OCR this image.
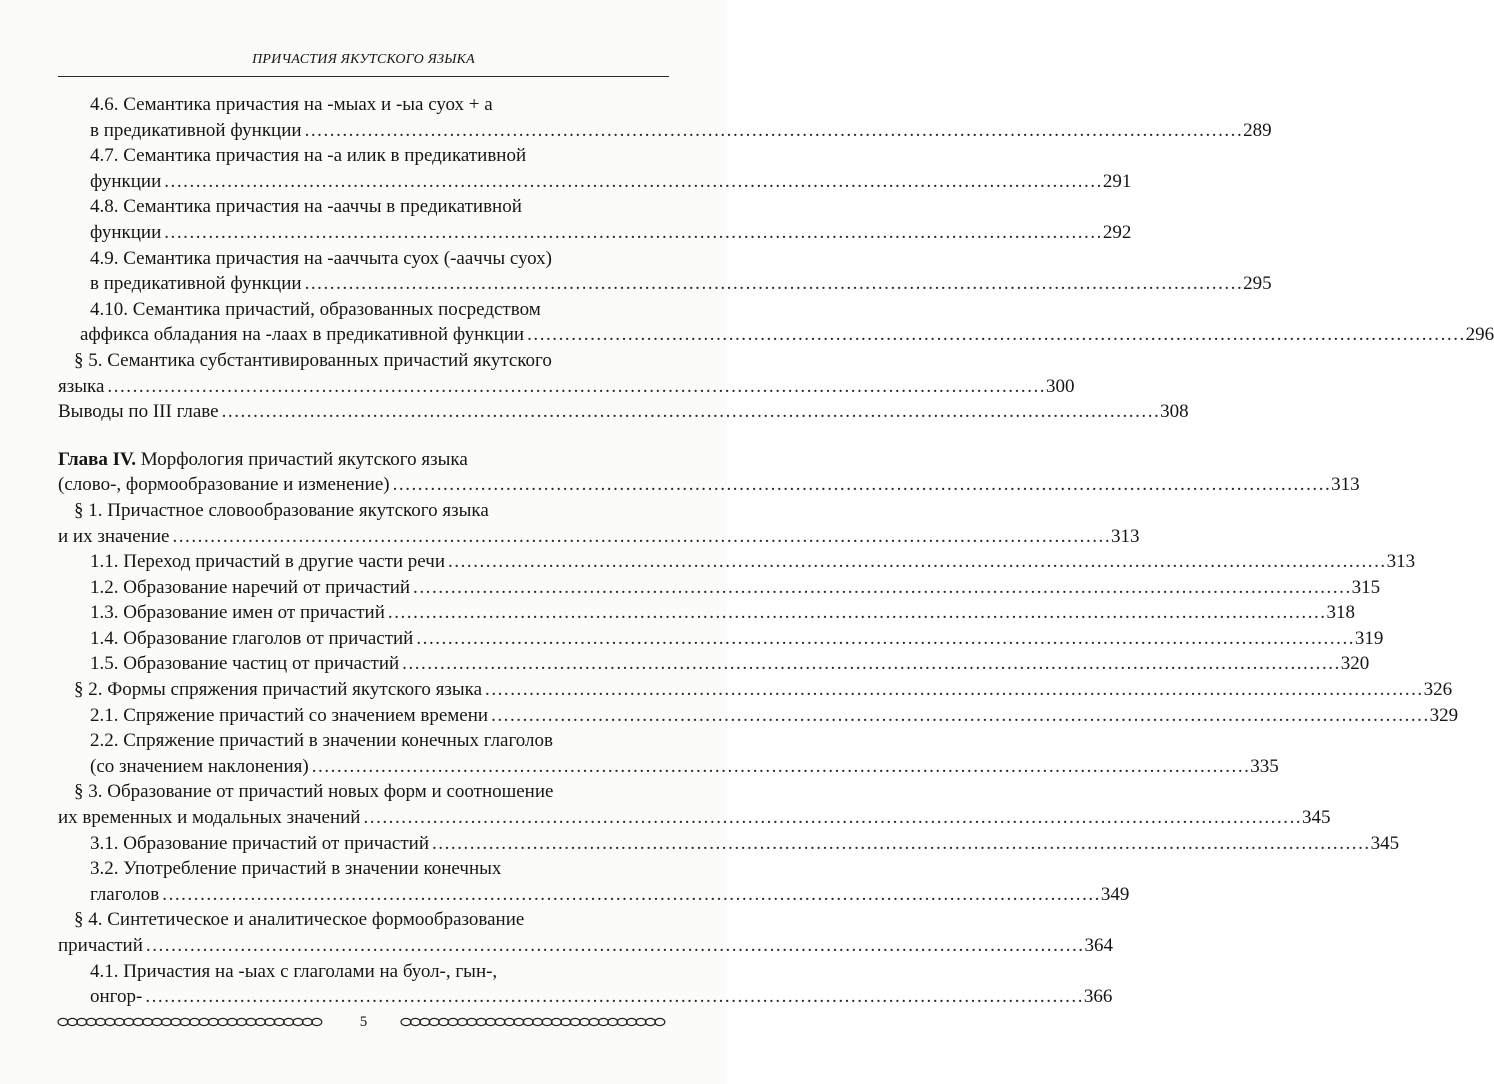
ПРИЧАСТИЯ ЯКУТСКОГО ЯЗЫКА
4.6. Семантика причастия на -мыах и -ыа суох + а
в предикативной функции . . .	289
4.7. Семантика причастия на -а илик в предикативной
функции . . .	291
4.8. Семантика причастия на -ааччы в предикативной
функции . . .	292
4.9. Семантика причастия на -ааччыта суох (-аaччы суох)
в предикативной функции . . .	295
4.10. Семантика причастий, образованных посредством
аффикса обладания на -лаах в предикативной функции . . .	296
§ 5. Семантика субстантивированных причастий якутского
языка . . .	300
Выводы по III главе . . .	308
Глава IV. Морфология причастий якутского языка
(слово-, формообразование и изменение) . . .	313
§ 1. Причастное словообразование якутского языка
и их значение . . .	313
1.1. Переход причастий в другие части речи . . .	313
1.2. Образование наречий от причастий . . .	315
1.3. Образование имен от причастий . . .	318
1.4. Образование глаголов от причастий . . .	319
1.5. Образование частиц от причастий . . .	320
§ 2. Формы спряжения причастий якутского языка . . .	326
2.1. Спряжение причастий со значением времени . . .	329
2.2. Спряжение причастий в значении конечных глаголов
(со значением наклонения) . . .	335
§ 3. Образование от причастий новых форм и соотношение
их временных и модальных значений . . .	345
3.1. Образование причастий от причастий . . .	345
3.2. Употребление причастий в значении конечных
глаголов . . .	349
§ 4. Синтетическое и аналитическое формообразование
причастий . . .	364
4.1. Причастия на -ыах с глаголами на буол-, гын-,
онгор- . . .	366
5
